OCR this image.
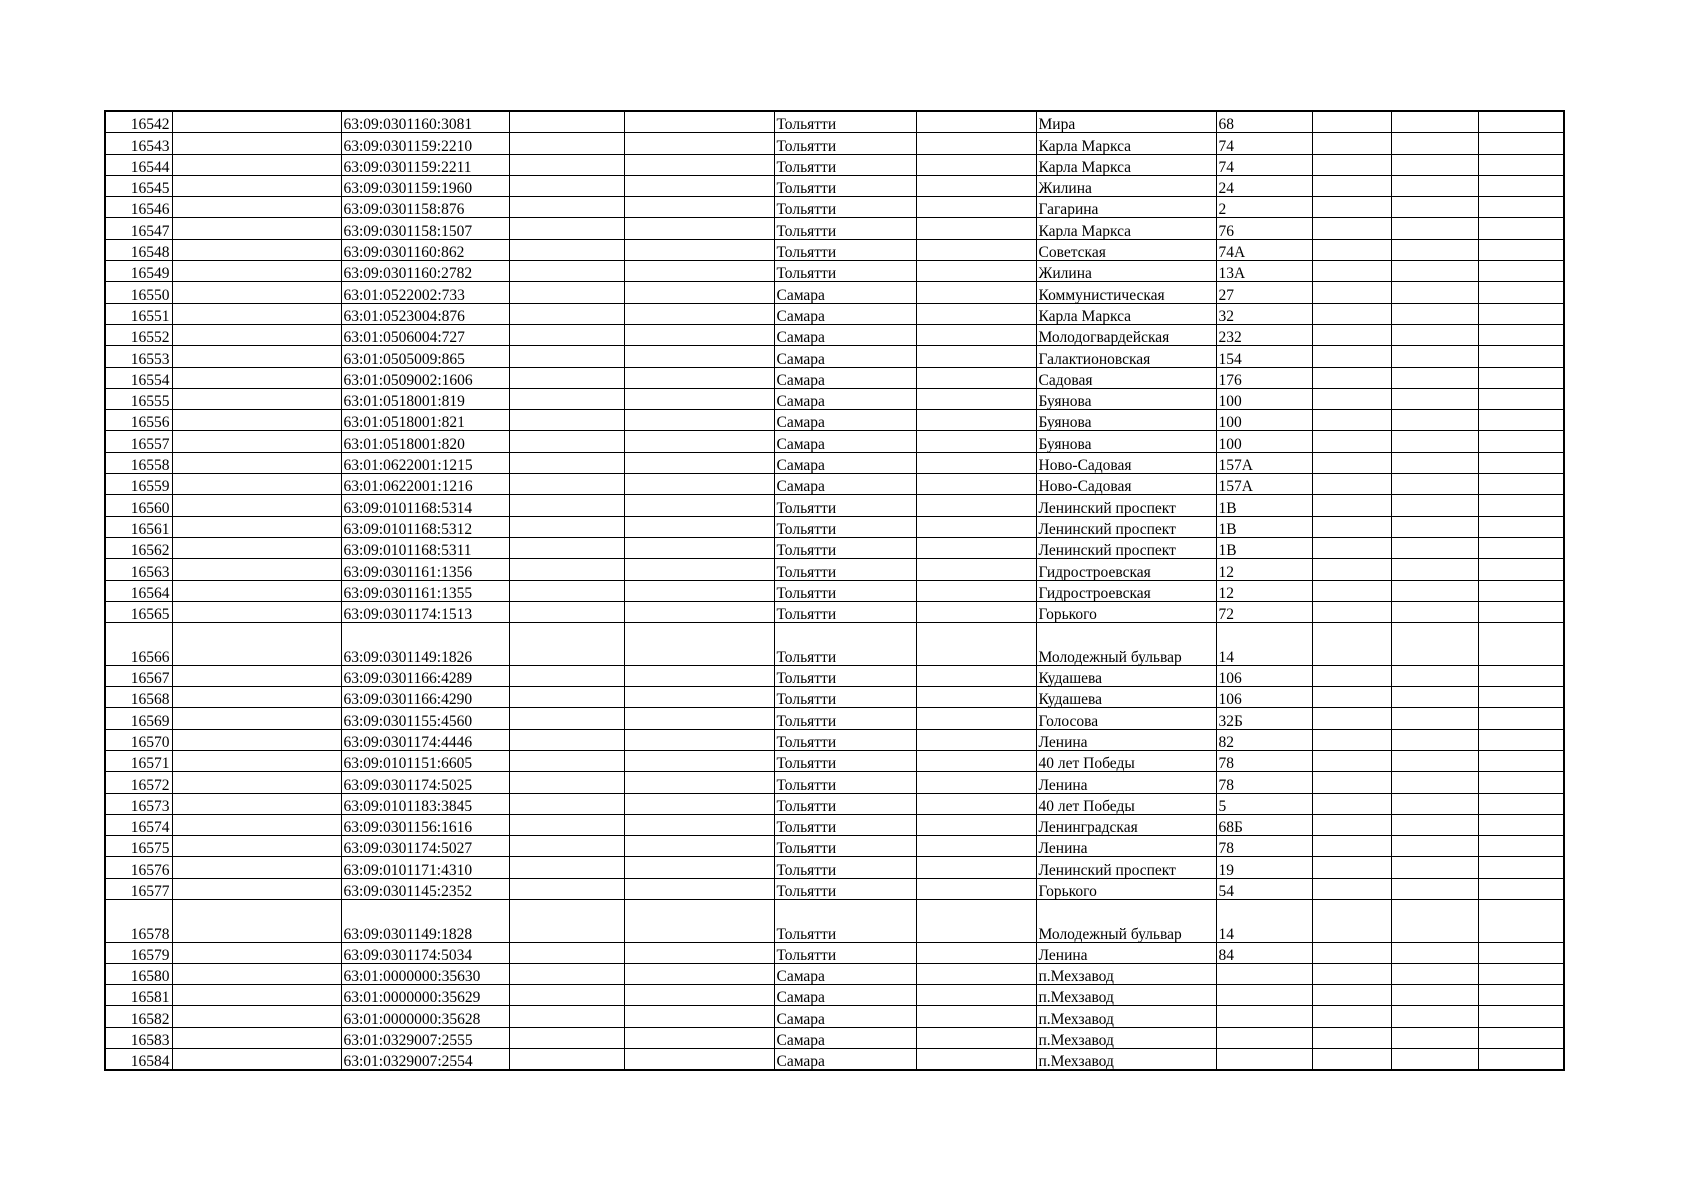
16542		63:09:0301160:3081			Тольятти		Мира	68			
16543		63:09:0301159:2210			Тольятти		Карла Маркса	74			
16544		63:09:0301159:2211			Тольятти		Карла Маркса	74			
16545		63:09:0301159:1960			Тольятти		Жилина	24			
16546		63:09:0301158:876			Тольятти		Гагарина	2			
16547		63:09:0301158:1507			Тольятти		Карла Маркса	76			
16548		63:09:0301160:862			Тольятти		Советская	74А			
16549		63:09:0301160:2782			Тольятти		Жилина	13А			
16550		63:01:0522002:733			Самара		Коммунистическая	27			
16551		63:01:0523004:876			Самара		Карла Маркса	32			
16552		63:01:0506004:727			Самара		Молодогвардейская	232			
16553		63:01:0505009:865			Самара		Галактионовская	154			
16554		63:01:0509002:1606			Самара		Садовая	176			
16555		63:01:0518001:819			Самара		Буянова	100			
16556		63:01:0518001:821			Самара		Буянова	100			
16557		63:01:0518001:820			Самара		Буянова	100			
16558		63:01:0622001:1215			Самара		Ново-Садовая	157А			
16559		63:01:0622001:1216			Самара		Ново-Садовая	157А			
16560		63:09:0101168:5314			Тольятти		Ленинский проспект	1В			
16561		63:09:0101168:5312			Тольятти		Ленинский проспект	1В			
16562		63:09:0101168:5311			Тольятти		Ленинский проспект	1В			
16563		63:09:0301161:1356			Тольятти		Гидростроевская	12			
16564		63:09:0301161:1355			Тольятти		Гидростроевская	12			
16565		63:09:0301174:1513			Тольятти		Горького	72			
16566		63:09:0301149:1826			Тольятти		Молодежный бульвар	14			
16567		63:09:0301166:4289			Тольятти		Кудашева	106			
16568		63:09:0301166:4290			Тольятти		Кудашева	106			
16569		63:09:0301155:4560			Тольятти		Голосова	32Б			
16570		63:09:0301174:4446			Тольятти		Ленина	82			
16571		63:09:0101151:6605			Тольятти		40 лет Победы	78			
16572		63:09:0301174:5025			Тольятти		Ленина	78			
16573		63:09:0101183:3845			Тольятти		40 лет Победы	5			
16574		63:09:0301156:1616			Тольятти		Ленинградская	68Б			
16575		63:09:0301174:5027			Тольятти		Ленина	78			
16576		63:09:0101171:4310			Тольятти		Ленинский проспект	19			
16577		63:09:0301145:2352			Тольятти		Горького	54			
16578		63:09:0301149:1828			Тольятти		Молодежный бульвар	14			
16579		63:09:0301174:5034			Тольятти		Ленина	84			
16580		63:01:0000000:35630			Самара		п.Мехзавод				
16581		63:01:0000000:35629			Самара		п.Мехзавод				
16582		63:01:0000000:35628			Самара		п.Мехзавод				
16583		63:01:0329007:2555			Самара		п.Мехзавод				
16584		63:01:0329007:2554			Самара		п.Мехзавод				
